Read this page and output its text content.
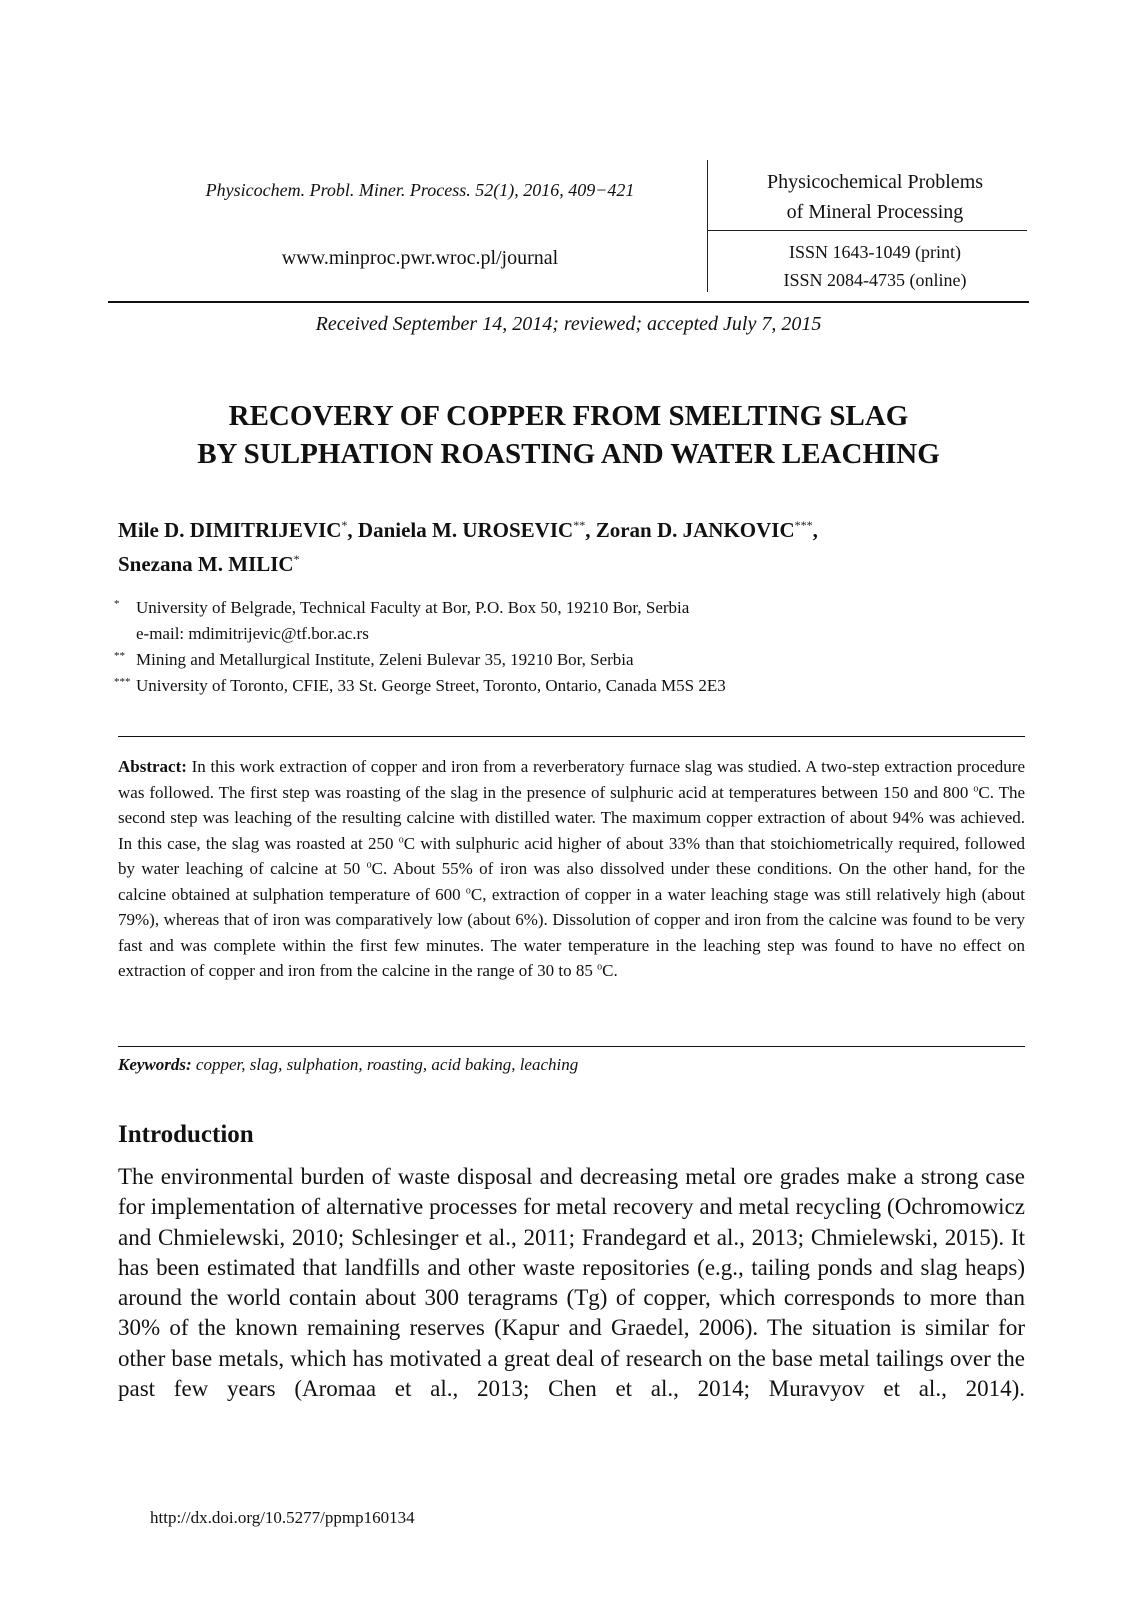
Physicochem. Probl. Miner. Process. 52(1), 2016, 409−421
www.minproc.pwr.wroc.pl/journal
Physicochemical Problems
of Mineral Processing
ISSN 1643-1049 (print)
ISSN 2084-4735 (online)
Received September 14, 2014; reviewed; accepted July 7, 2015
RECOVERY OF COPPER FROM SMELTING SLAG
BY SULPHATION ROASTING AND WATER LEACHING
Mile D. DIMITRIJEVIC*, Daniela M. UROSEVIC**, Zoran D. JANKOVIC***,
Snezana M. MILIC*
* University of Belgrade, Technical Faculty at Bor, P.O. Box 50, 19210 Bor, Serbia
e-mail: mdimitrijevic@tf.bor.ac.rs
** Mining and Metallurgical Institute, Zeleni Bulevar 35, 19210 Bor, Serbia
*** University of Toronto, CFIE, 33 St. George Street, Toronto, Ontario, Canada M5S 2E3
Abstract: In this work extraction of copper and iron from a reverberatory furnace slag was studied. A two-step extraction procedure was followed. The first step was roasting of the slag in the presence of sulphuric acid at temperatures between 150 and 800 $^o$C. The second step was leaching of the resulting calcine with distilled water. The maximum copper extraction of about 94% was achieved. In this case, the slag was roasted at 250 $^o$C with sulphuric acid higher of about 33% than that stoichiometrically required, followed by water leaching of calcine at 50 $^o$C. About 55% of iron was also dissolved under these conditions. On the other hand, for the calcine obtained at sulphation temperature of 600 $^o$C, extraction of copper in a water leaching stage was still relatively high (about 79%), whereas that of iron was comparatively low (about 6%). Dissolution of copper and iron from the calcine was found to be very fast and was complete within the first few minutes. The water temperature in the leaching step was found to have no effect on extraction of copper and iron from the calcine in the range of 30 to 85 $^o$C.
Keywords: copper, slag, sulphation, roasting, acid baking, leaching
Introduction
The environmental burden of waste disposal and decreasing metal ore grades make a strong case for implementation of alternative processes for metal recovery and metal recycling (Ochromowicz and Chmielewski, 2010; Schlesinger et al., 2011; Frandegard et al., 2013; Chmielewski, 2015). It has been estimated that landfills and other waste repositories (e.g., tailing ponds and slag heaps) around the world contain about 300 teragrams (Tg) of copper, which corresponds to more than 30% of the known remaining reserves (Kapur and Graedel, 2006). The situation is similar for other base metals, which has motivated a great deal of research on the base metal tailings over the past few years (Aromaa et al., 2013; Chen et al., 2014; Muravyov et al., 2014).
http://dx.doi.org/10.5277/ppmp160134
